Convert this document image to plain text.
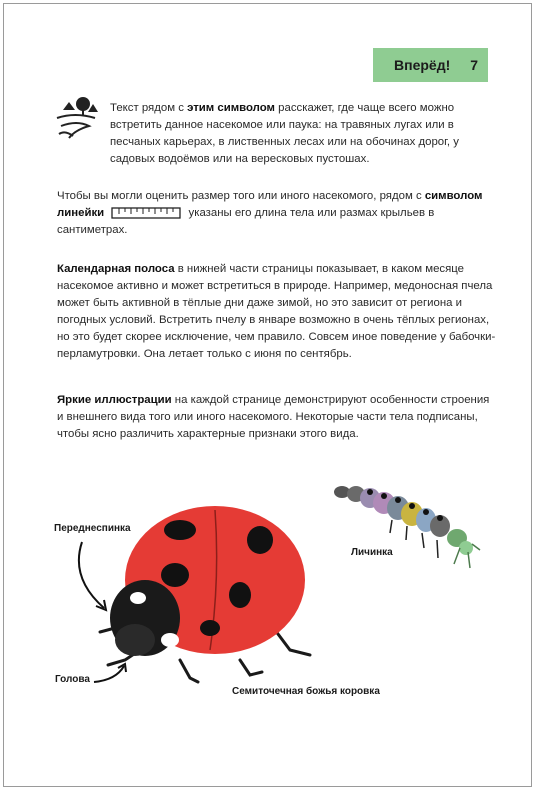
Вперёд! 7
Текст рядом с этим символом расскажет, где чаще всего можно встретить данное насекомое или паука: на травяных лугах или в песчаных карьерах, в лиственных лесах или на обочинах дорог, у садовых водоёмов или на вересковых пустошах.
Чтобы вы могли оценить размер того или иного насекомого, рядом с символом линейки	указаны его длина тела или размах крыльев в сантиметрах.
Календарная полоса в нижней части страницы показывает, в каком месяце насекомое активно и может встретиться в природе. Например, медоносная пчела может быть активной в тёплые дни даже зимой, но это зависит от региона и погодных условий. Встретить пчелу в январе возможно в очень тёплых регионах, но это будет скорее исключение, чем правило. Совсем иное поведение у бабочки-перламутровки. Она летает только с июня по сентябрь.
Яркие иллюстрации на каждой странице демонстрируют особенности строения и внешнего вида того или иного насекомого. Некоторые части тела подписаны, чтобы ясно различить характерные признаки этого вида.
Переднеспинка
Голова
Личинка
Семиточечная божья коровка
